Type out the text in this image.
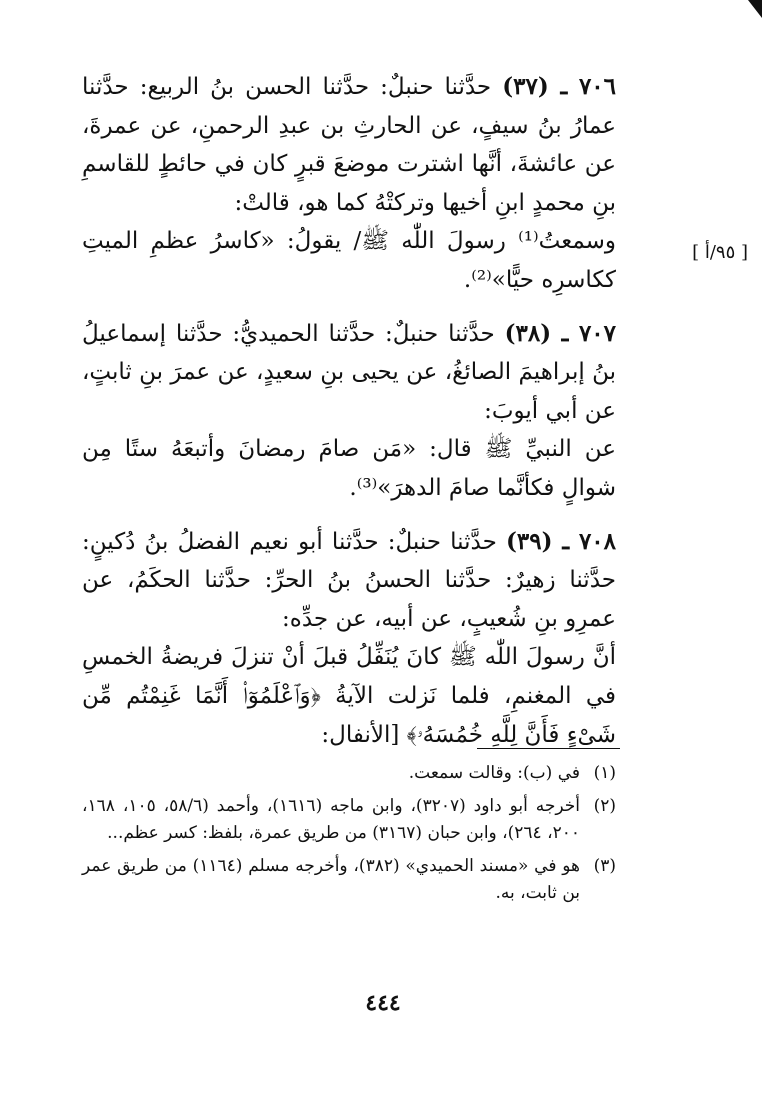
[ ٩٥/أ ]

٧٠٦ ـ (٣٧) حدَّثنا حنبلٌ: حدَّثنا الحسن بنُ الربيع: حدَّثنا عمارُ بنُ سيفٍ، عن الحارثِ بن عبدِ الرحمنِ، عن عمرةَ، عن عائشةَ، أنَّها اشترت موضعَ قبرٍ كان في حائطٍ للقاسمِ بنِ محمدٍ ابنِ أخيها وتركتْهُ كما هو، قالتْ:

وسمعتُ⁽¹⁾ رسولَ اللّٰه ﷺ/ يقولُ: «كاسرُ عظمِ الميتِ ككاسرِه حيًّا»⁽²⁾.

٧٠٧ ـ (٣٨) حدَّثنا حنبلٌ: حدَّثنا الحميديُّ: حدَّثنا إسماعيلُ بنُ إبراهيمَ الصائغُ، عن يحيى بنِ سعيدٍ، عن عمرَ بنِ ثابتٍ، عن أبي أيوبَ:

عن النبيِّ ﷺ قال: «مَن صامَ رمضانَ وأتبعَهُ ستًا مِن شوالٍ فكأنَّما صامَ الدهرَ»⁽³⁾.

٧٠٨ ـ (٣٩) حدَّثنا حنبلٌ: حدَّثنا أبو نعيم الفضلُ بنُ دُكينٍ: حدَّثنا زهيرٌ: حدَّثنا الحسنُ بنُ الحرِّ: حدَّثنا الحكَمُ، عن عمرِو بنِ شُعيبٍ، عن أبيه، عن جدِّه:

أنَّ رسولَ اللّٰه ﷺ كانَ يُنَفِّلُ قبلَ أنْ تنزلَ فريضةُ الخمسِ في المغنمِ، فلما نَزلت الآيةُ ﴿وَٱعْلَمُوٓا۟ أَنَّمَا غَنِمْتُم مِّن شَىْءٍ فَأَنَّ لِلَّهِ خُمُسَهُۥ﴾ [الأنفال:

(١)
في (ب): وقالت سمعت.

(٢)
أخرجه أبو داود (٣٢٠٧)، وابن ماجه (١٦١٦)، وأحمد (٥٨/٦، ١٠٥، ١٦٨، ٢٠٠، ٢٦٤)، وابن حبان (٣١٦٧) من طريق عمرة، بلفظ: كسر عظم...

(٣)
هو في «مسند الحميدي» (٣٨٢)، وأخرجه مسلم (١١٦٤) من طريق عمر بن ثابت، به.

٤٤٤
